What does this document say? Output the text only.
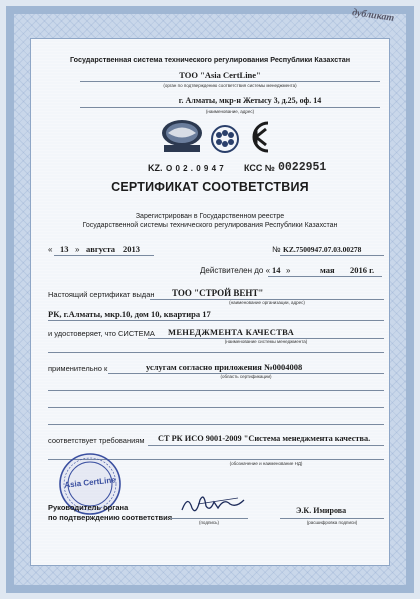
дубликат
Государственная система технического регулирования Республики Казахстан
ТОО "Asia CertLine"
(орган по подтверждению соответствия системы менеджмента)
г. Алматы, мкр-н Жетысу 3, д.25, оф. 14
(наименование, адрес)
KZ. О 0 2 . 0 9 4 7 КСС № 0022951
СЕРТИФИКАТ СООТВЕТСТВИЯ
Зарегистрирован в Государственном реестре
Государственной системы технического регулирования Республики Казахстан
« 13 » августа 2013	№ KZ.7500947.07.03.00278
Действителен до « 14 »	мая 2016 г.
Настоящий сертификат выдан ТОО "СТРОЙ ВЕНТ"
(наименование организации, адрес)
РК, г.Алматы, мкр.10, дом 10, квартира 17
и удостоверяет, что СИСТЕМА МЕНЕДЖМЕНТА КАЧЕСТВА
(наименование системы менеджмента)
применительно к	услугам согласно приложения №0004008
(область сертификации)
соответствует требованиям СТ РК ИСО 9001-2009 "Система менеджмента качества.
(обозначение и наименование НД)
Asia CertLine
Руководитель органа
по подтверждению соответствия
(подпись)
Э.К. Имирова
(расшифровка подписи)
